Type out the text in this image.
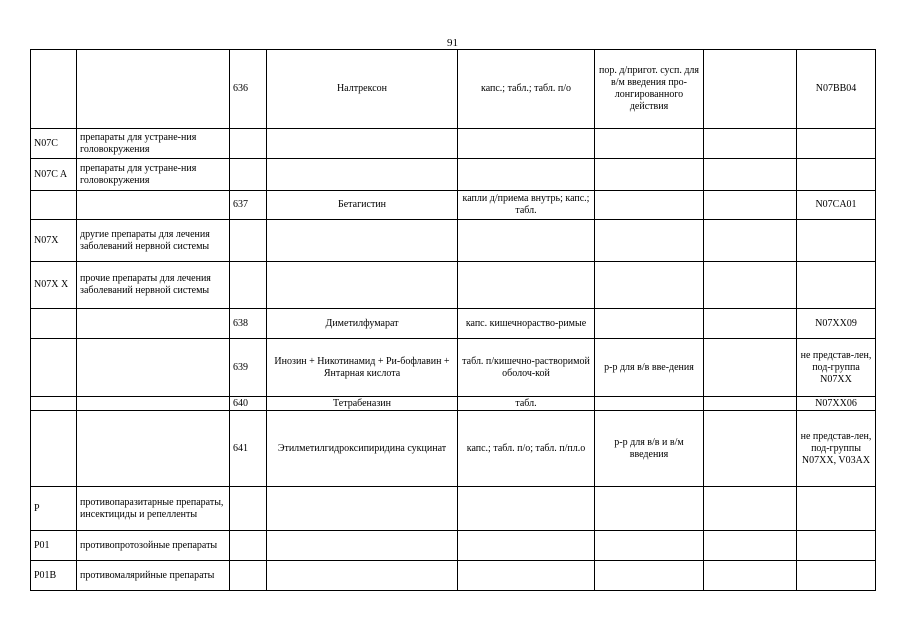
91
		636	Налтрексон	капс.; табл.; табл. п/о	пор. д/пригот. сусп. для в/м введения про-лонгированного действия		N07BB04
N07C	препараты для устране-ния головокружения						
N07C A	препараты для устране-ния головокружения						
		637	Бетагистин	капли д/приема внутрь; капс.; табл.			N07CA01
N07X	другие препараты для лечения заболеваний нервной системы						
N07X X	прочие препараты для лечения заболеваний нервной системы						
		638	Диметилфумарат	капс. кишечнораство-римые			N07XX09
		639	Инозин + Никотинамид + Ри-бофлавин + Янтарная кислота	табл. п/кишечно-растворимой оболоч-кой	р-р для в/в вве-дения		не представ-лен, под-группа N07XX
		640	Тетрабеназин	табл.			N07XX06
		641	Этилметилгидроксипиридина сукцинат	капс.; табл. п/о; табл. п/пл.о	р-р для в/в и в/м введения		не представ-лен, под-группы N07XX, V03AX
P	противопаразитарные препараты, инсектициды и репелленты						
P01	противопротозойные препараты						
P01B	противомалярийные препараты						
